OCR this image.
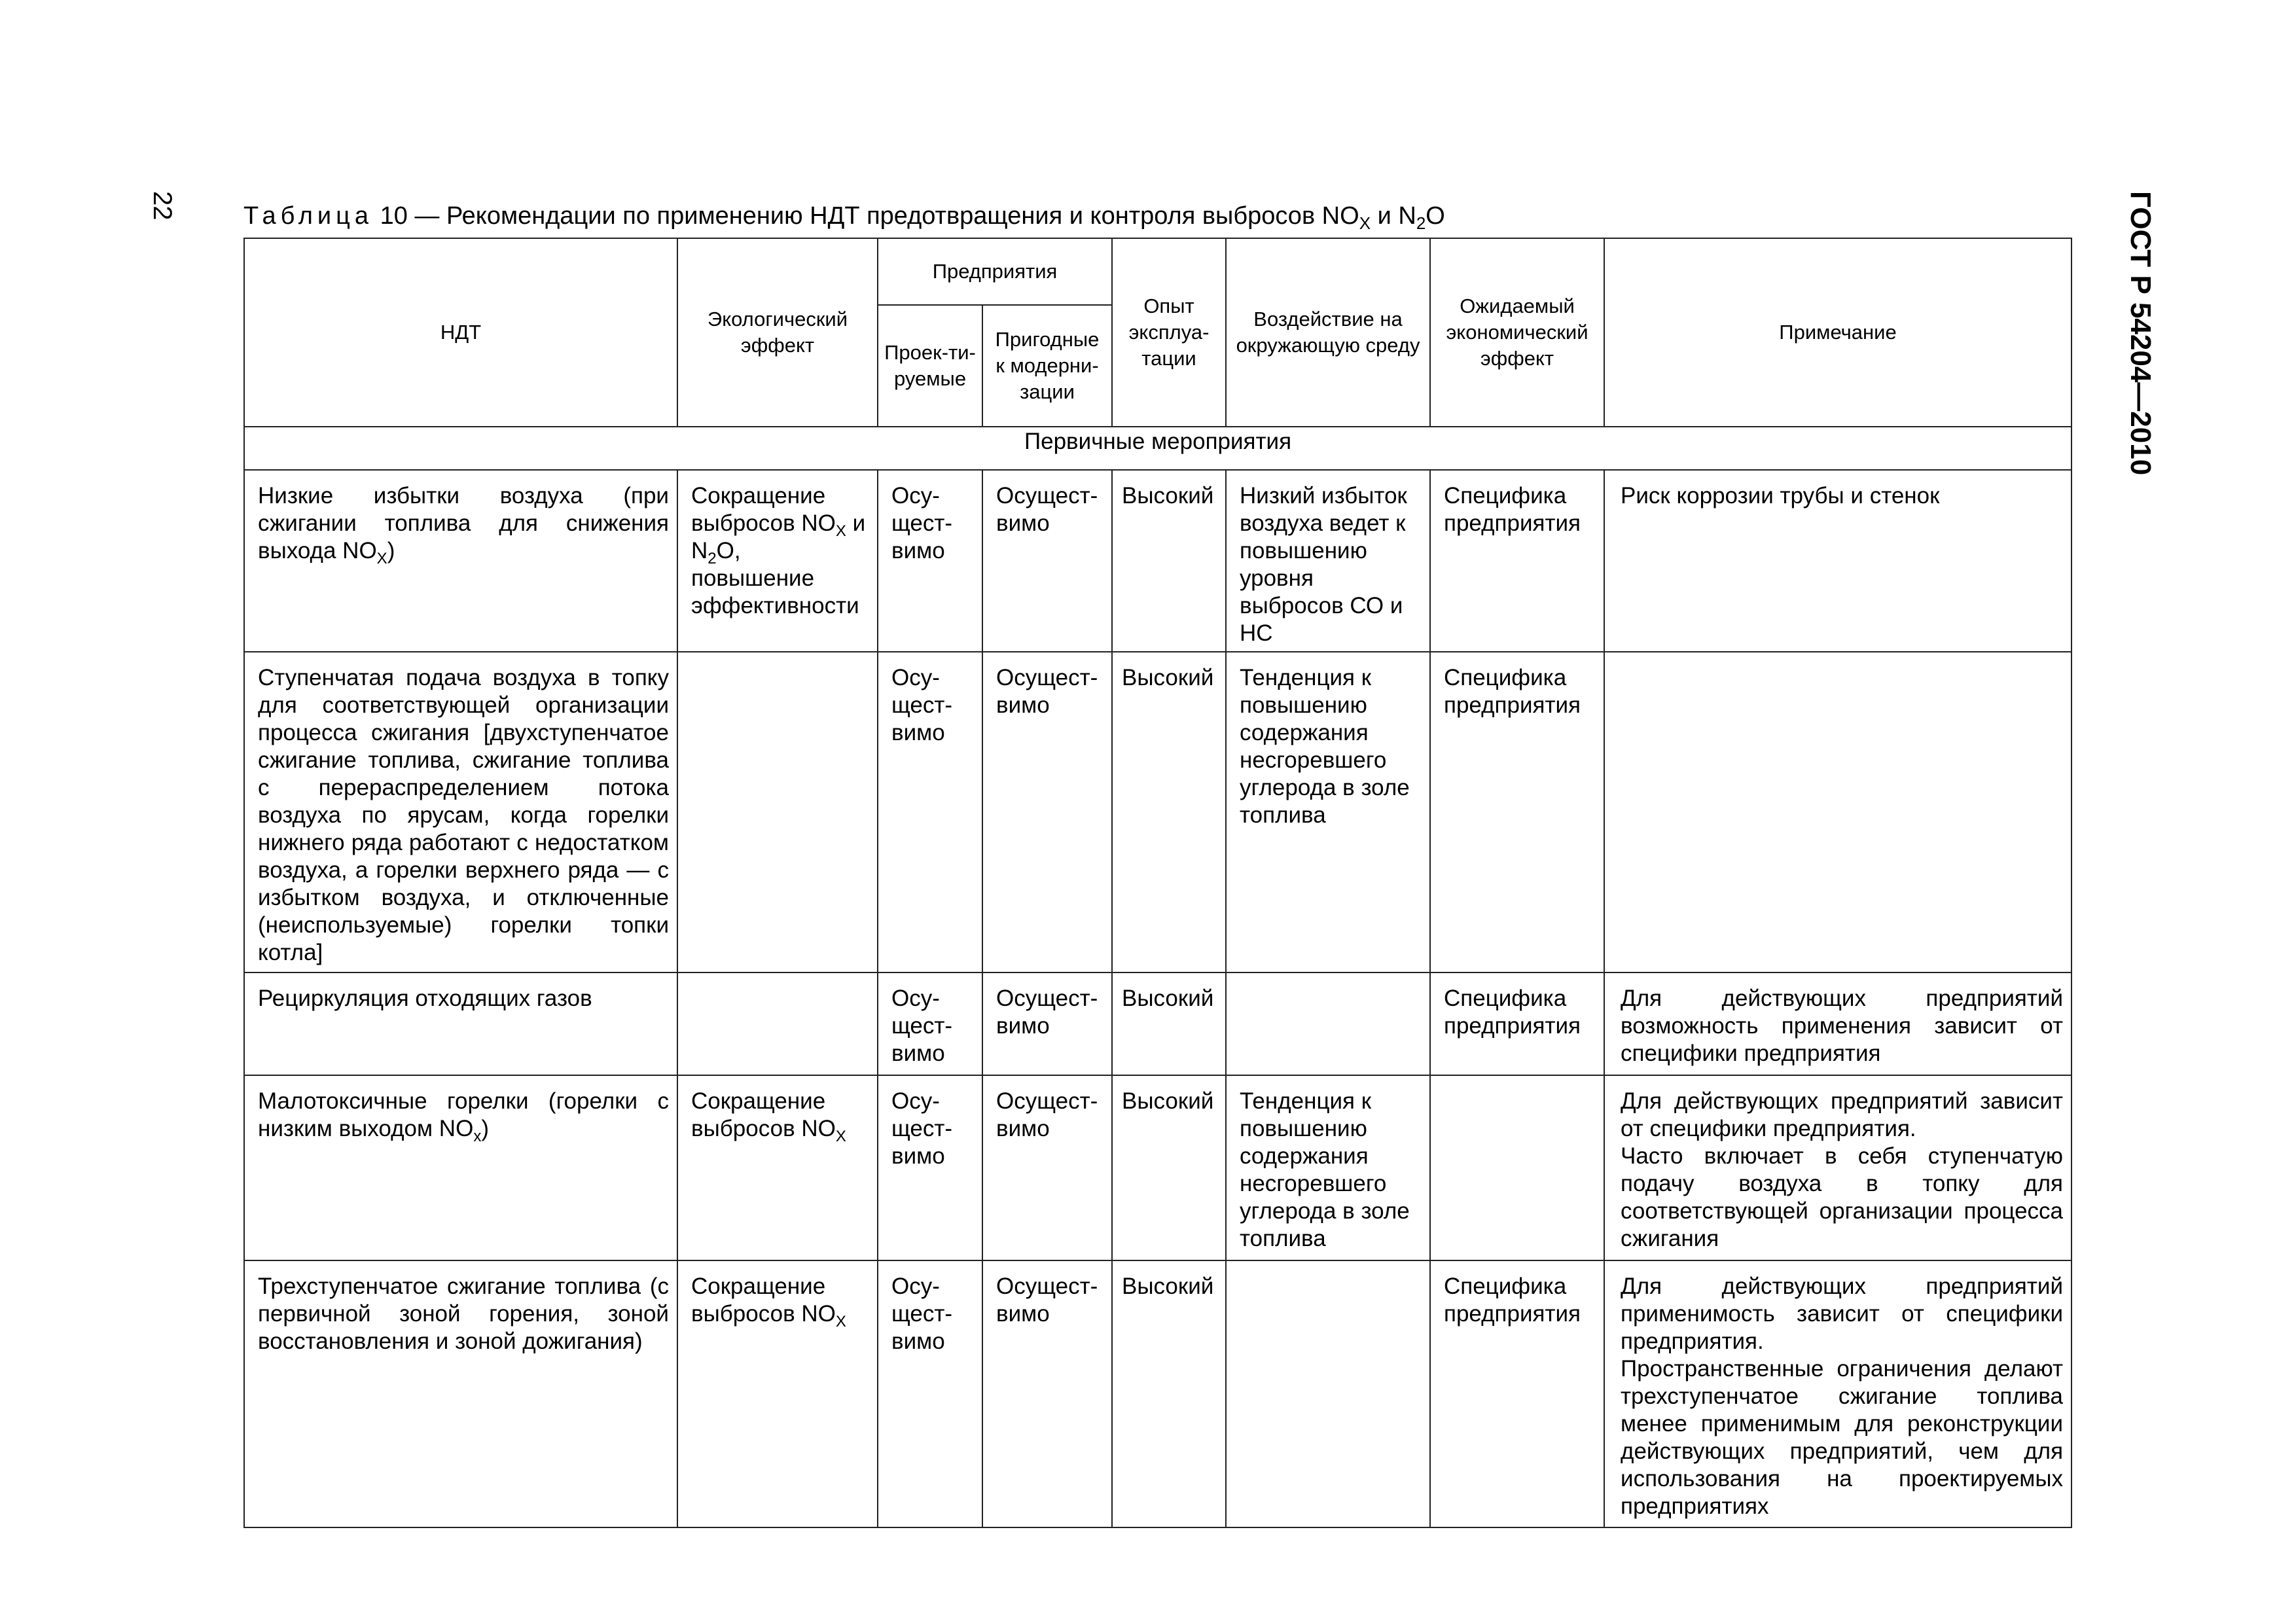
22	ГОСТ Р 54204—2010
Таблица 10 — Рекомендации по применению НДТ предотвращения и контроля выбросов $NO_X$ и $N_2O$
НДТ	Экологический эффект	Предприятия		Опыт эксплуа-тации	Воздействие на окружающую среду	Ожидаемый экономический эффект	Примечание

		Проек-ти-руемые	Пригодные к модерни-зации				

Первичные мероприятия							

Низкие избытки воздуха (при сжигании топлива для снижения выхода $NO_X$)	Сокращение выбросов $NO_X$ и $N_2O$, повышение эффективности	Осу-щест-вимо	Осущест-вимо	Высокий	Низкий избыток воздуха ведет к повышению уровня выбросов СО и НС	Специфика предприятия	Риск коррозии трубы и стенок

Ступенчатая подача воздуха в топку для соответствующей организации процесса сжигания [двухступенчатое сжигание топлива, сжигание топлива с перераспределением потока воздуха по ярусам, когда горелки нижнего ряда работают с недостатком воздуха, а горелки верхнего ряда — с избытком воздуха, и отключенные (неиспользуемые) горелки топки котла]		Осу-щест-вимо	Осущест-вимо	Высокий	Тенденция к повышению содержания несгоревшего углерода в золе топлива	Специфика предприятия	

Рециркуляция отходящих газов		Осу-щест-вимо	Осущест-вимо	Высокий		Специфика предприятия	Для действующих предприятий возможность применения зависит от специфики предприятия

Малотоксичные горелки (горелки с низким выходом $NO_x$)	Сокращение выбросов $NO_X$	Осу-щест-вимо	Осущест-вимо	Высокий	Тенденция к повышению содержания несгоревшего углерода в золе топлива		Для действующих предприятий зависит от специфики предприятия.
Часто включает в себя ступенчатую подачу воздуха в топку для соответствующей организации процесса сжигания

Трехступенчатое сжигание топлива (с первичной зоной горения, зоной восстановления и зоной дожигания)	Сокращение выбросов $NO_X$	Осу-щест-вимо	Осущест-вимо	Высокий		Специфика предприятия	Для действующих предприятий применимость зависит от специфики предприятия.
Пространственные ограничения делают трехступенчатое сжигание топлива менее применимым для реконструкции действующих предприятий, чем для использования на проектируемых предприятиях
